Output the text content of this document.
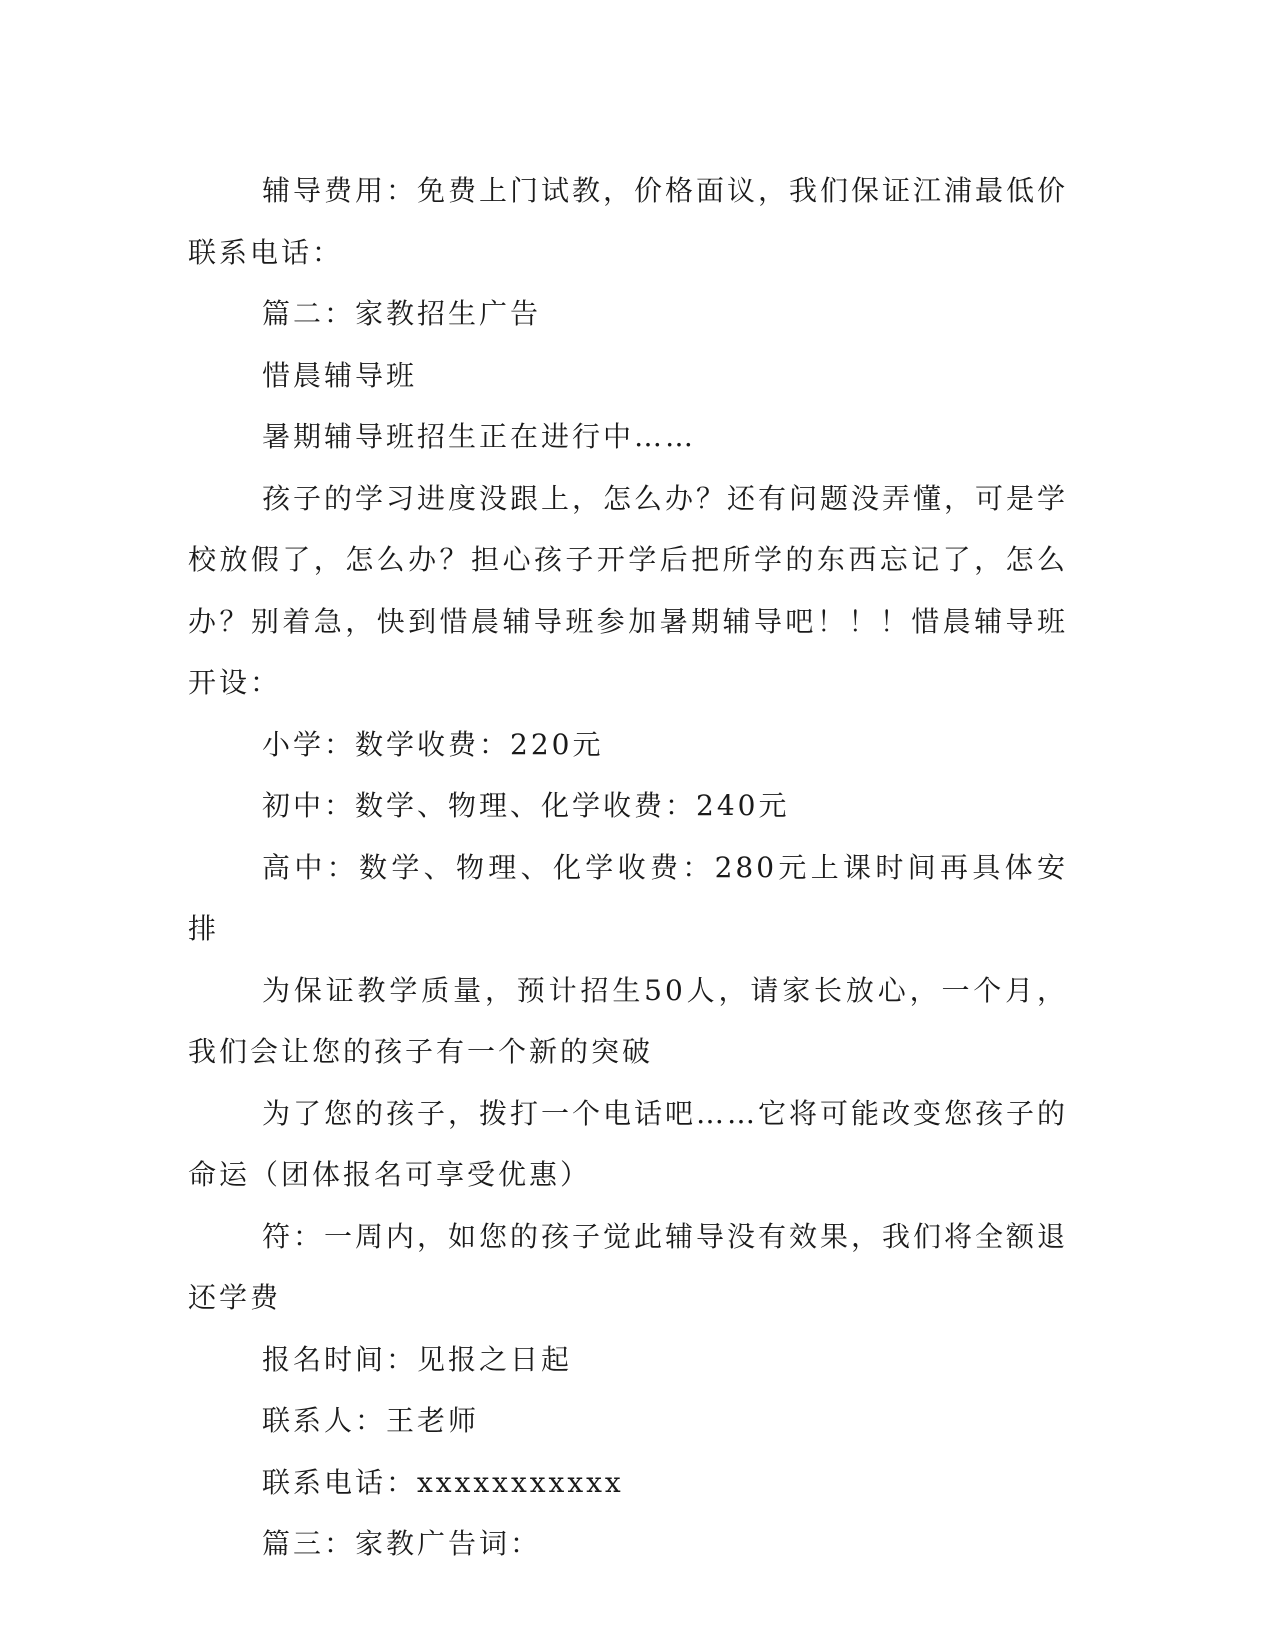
辅导费用：免费上门试教，价格面议，我们保证江浦最低价联系电话：

篇二：家教招生广告

惜晨辅导班

暑期辅导班招生正在进行中……

孩子的学习进度没跟上，怎么办？还有问题没弄懂，可是学校放假了，怎么办？担心孩子开学后把所学的东西忘记了，怎么办？别着急，快到惜晨辅导班参加暑期辅导吧！！！惜晨辅导班开设：

小学：数学收费：220元

初中：数学、物理、化学收费：240元

高中：数学、物理、化学收费：280元上课时间再具体安排

为保证教学质量，预计招生50人，请家长放心，一个月，我们会让您的孩子有一个新的突破

为了您的孩子，拨打一个电话吧……它将可能改变您孩子的命运（团体报名可享受优惠）

符：一周内，如您的孩子觉此辅导没有效果，我们将全额退还学费

报名时间：见报之日起

联系人：王老师

联系电话：xxxxxxxxxxx

篇三：家教广告词：
